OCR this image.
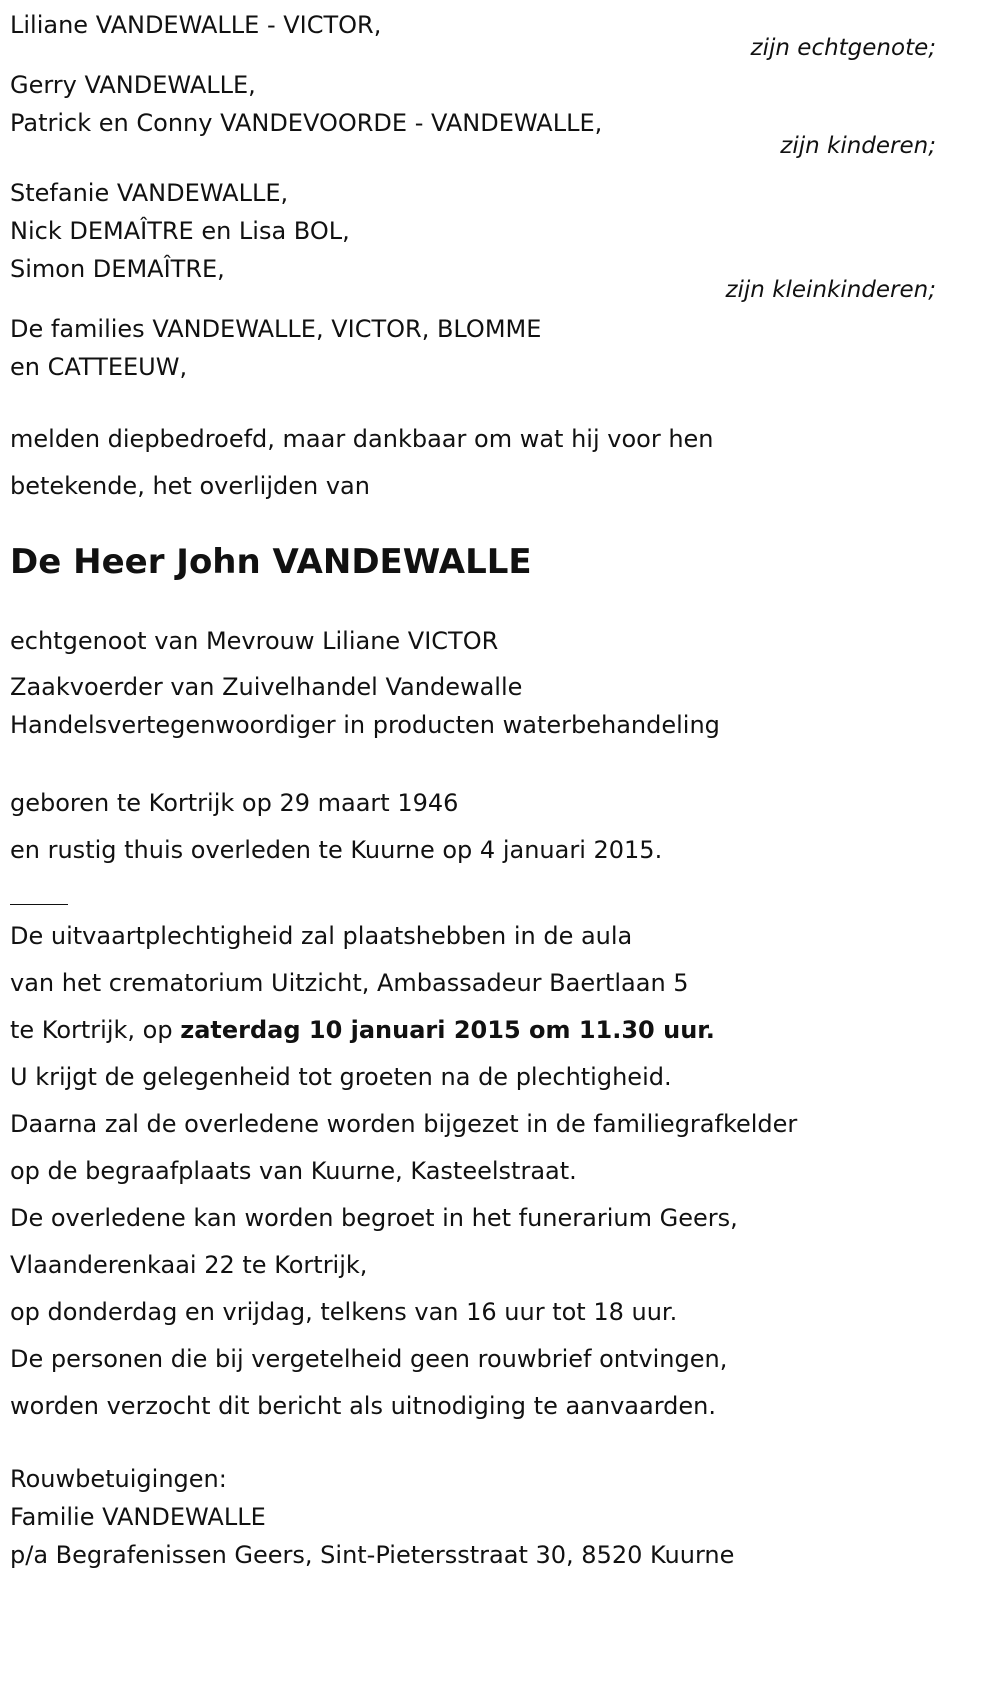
Liliane VANDEWALLE - VICTOR,
zijn echtgenote;
Gerry VANDEWALLE,
Patrick en Conny VANDEVOORDE - VANDEWALLE,
zijn kinderen;
Stefanie VANDEWALLE,
Nick DEMAÎTRE en Lisa BOL,
Simon DEMAÎTRE,
zijn kleinkinderen;
De families VANDEWALLE, VICTOR, BLOMME
en CATTEEUW,
melden diepbedroefd, maar dankbaar om wat hij voor hen
betekende, het overlijden van
De Heer John VANDEWALLE
echtgenoot van Mevrouw Liliane VICTOR
Zaakvoerder van Zuivelhandel Vandewalle
Handelsvertegenwoordiger in producten waterbehandeling
geboren te Kortrijk op 29 maart 1946
en rustig thuis overleden te Kuurne op 4 januari 2015.
De uitvaartplechtigheid zal plaatshebben in de aula
van het crematorium Uitzicht, Ambassadeur Baertlaan 5
te Kortrijk, op zaterdag 10 januari 2015 om 11.30 uur.
U krijgt de gelegenheid tot groeten na de plechtigheid.
Daarna zal de overledene worden bijgezet in de familiegrafkelder
op de begraafplaats van Kuurne, Kasteelstraat.
De overledene kan worden begroet in het funerarium Geers,
Vlaanderenkaai 22 te Kortrijk,
op donderdag en vrijdag, telkens van 16 uur tot 18 uur.
De personen die bij vergetelheid geen rouwbrief ontvingen,
worden verzocht dit bericht als uitnodiging te aanvaarden.
Rouwbetuigingen:
Familie VANDEWALLE
p/a Begrafenissen Geers, Sint-Pietersstraat 30, 8520 Kuurne
